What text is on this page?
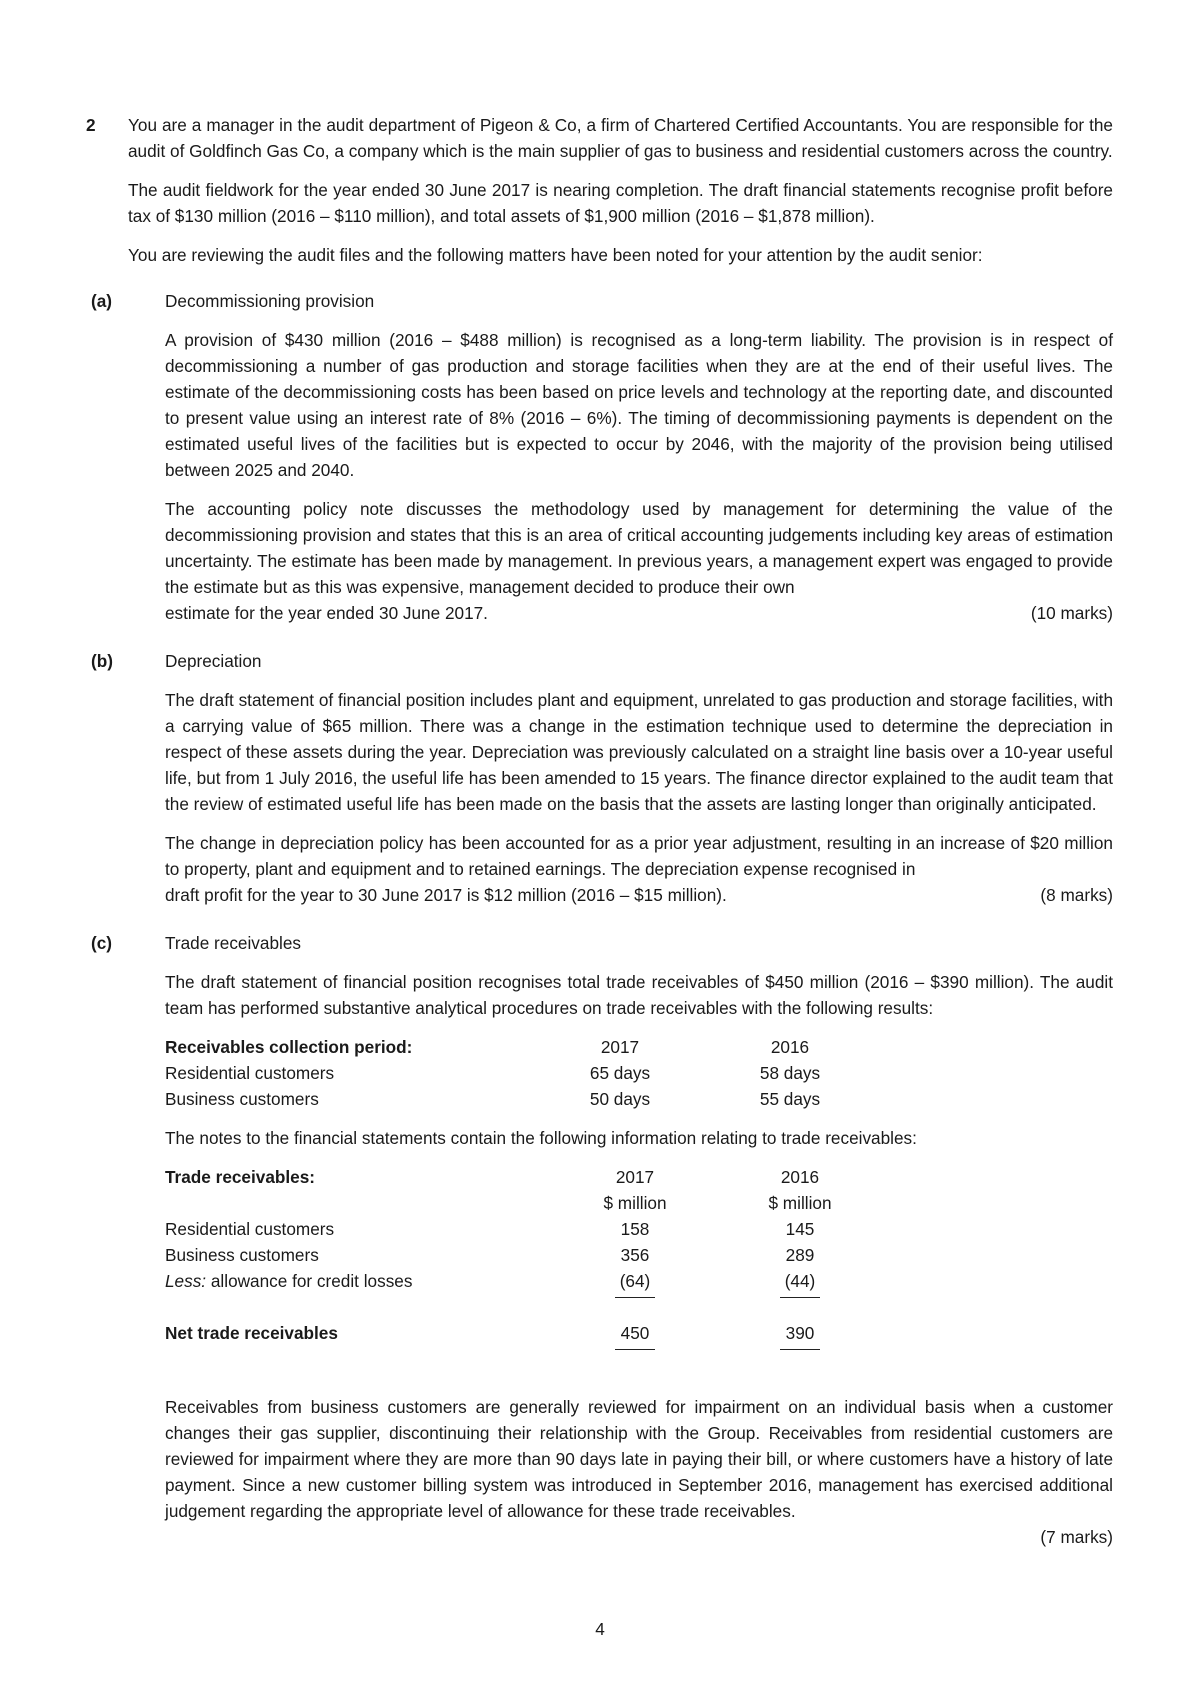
2 You are a manager in the audit department of Pigeon & Co, a firm of Chartered Certified Accountants. You are responsible for the audit of Goldfinch Gas Co, a company which is the main supplier of gas to business and residential customers across the country.

The audit fieldwork for the year ended 30 June 2017 is nearing completion. The draft financial statements recognise profit before tax of $130 million (2016 – $110 million), and total assets of $1,900 million (2016 – $1,878 million).

You are reviewing the audit files and the following matters have been noted for your attention by the audit senior:

(a)	Decommissioning provision

A provision of $430 million (2016 – $488 million) is recognised as a long-term liability. The provision is in respect of decommissioning a number of gas production and storage facilities when they are at the end of their useful lives. The estimate of the decommissioning costs has been based on price levels and technology at the reporting date, and discounted to present value using an interest rate of 8% (2016 – 6%). The timing of decommissioning payments is dependent on the estimated useful lives of the facilities but is expected to occur by 2046, with the majority of the provision being utilised between 2025 and 2040.

The accounting policy note discusses the methodology used by management for determining the value of the decommissioning provision and states that this is an area of critical accounting judgements including key areas of estimation uncertainty. The estimate has been made by management. In previous years, a management expert was engaged to provide the estimate but as this was expensive, management decided to produce their own

estimate for the year ended 30 June 2017.	(10 marks)
(b)	Depreciation

The draft statement of financial position includes plant and equipment, unrelated to gas production and storage facilities, with a carrying value of $65 million. There was a change in the estimation technique used to determine the depreciation in respect of these assets during the year. Depreciation was previously calculated on a straight line basis over a 10-year useful life, but from 1 July 2016, the useful life has been amended to 15 years. The finance director explained to the audit team that the review of estimated useful life has been made on the basis that the assets are lasting longer than originally anticipated.

The change in depreciation policy has been accounted for as a prior year adjustment, resulting in an increase of $20 million to property, plant and equipment and to retained earnings. The depreciation expense recognised in

draft profit for the year to 30 June 2017 is $12 million (2016 – $15 million).	(8 marks)
(c)	Trade receivables

The draft statement of financial position recognises total trade receivables of $450 million (2016 – $390 million). The audit team has performed substantive analytical procedures on trade receivables with the following results:

Receivables collection period:	2017	2016
Residential customers	65 days	58 days
Business customers	50 days	55 days

The notes to the financial statements contain the following information relating to trade receivables:

Trade receivables:	2017	2016
	$ million	$ million
Residential customers	158	145
Business customers	356	289
Less: allowance for credit losses	(64)	(44)

Net trade receivables	450	390

Receivables from business customers are generally reviewed for impairment on an individual basis when a customer changes their gas supplier, discontinuing their relationship with the Group. Receivables from residential customers are reviewed for impairment where they are more than 90 days late in paying their bill, or where customers have a history of late payment. Since a new customer billing system was introduced in September 2016, management has exercised additional judgement regarding the appropriate level of allowance for these trade receivables.

(7 marks)
4
